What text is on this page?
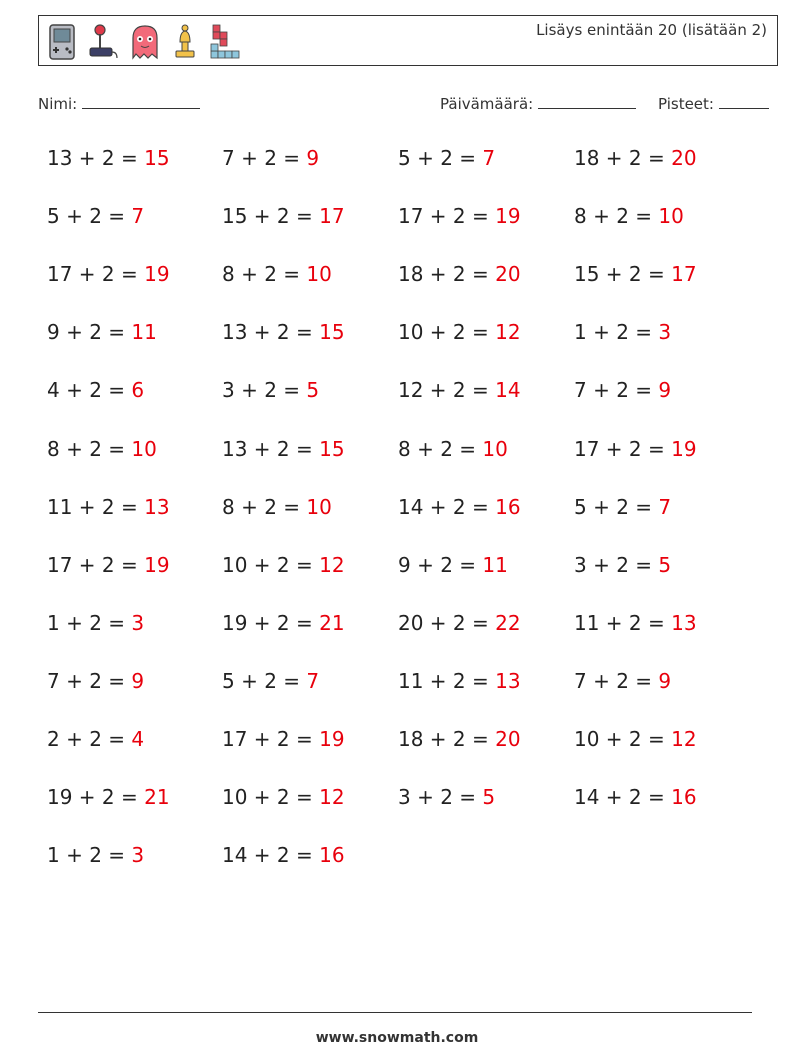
Lisäys enintään 20 (lisätään 2)
Nimi:	Päivämäärä:	Pisteet:
13 + 2 = 15	7 + 2 = 9	5 + 2 = 7	18 + 2 = 20
5 + 2 = 7	15 + 2 = 17	17 + 2 = 19	8 + 2 = 10
17 + 2 = 19	8 + 2 = 10	18 + 2 = 20	15 + 2 = 17
9 + 2 = 11	13 + 2 = 15	10 + 2 = 12	1 + 2 = 3
4 + 2 = 6	3 + 2 = 5	12 + 2 = 14	7 + 2 = 9
8 + 2 = 10	13 + 2 = 15	8 + 2 = 10	17 + 2 = 19
11 + 2 = 13	8 + 2 = 10	14 + 2 = 16	5 + 2 = 7
17 + 2 = 19	10 + 2 = 12	9 + 2 = 11	3 + 2 = 5
1 + 2 = 3	19 + 2 = 21	20 + 2 = 22	11 + 2 = 13
7 + 2 = 9	5 + 2 = 7	11 + 2 = 13	7 + 2 = 9
2 + 2 = 4	17 + 2 = 19	18 + 2 = 20	10 + 2 = 12
19 + 2 = 21	10 + 2 = 12	3 + 2 = 5	14 + 2 = 16
1 + 2 = 3	14 + 2 = 16
www.snowmath.com
